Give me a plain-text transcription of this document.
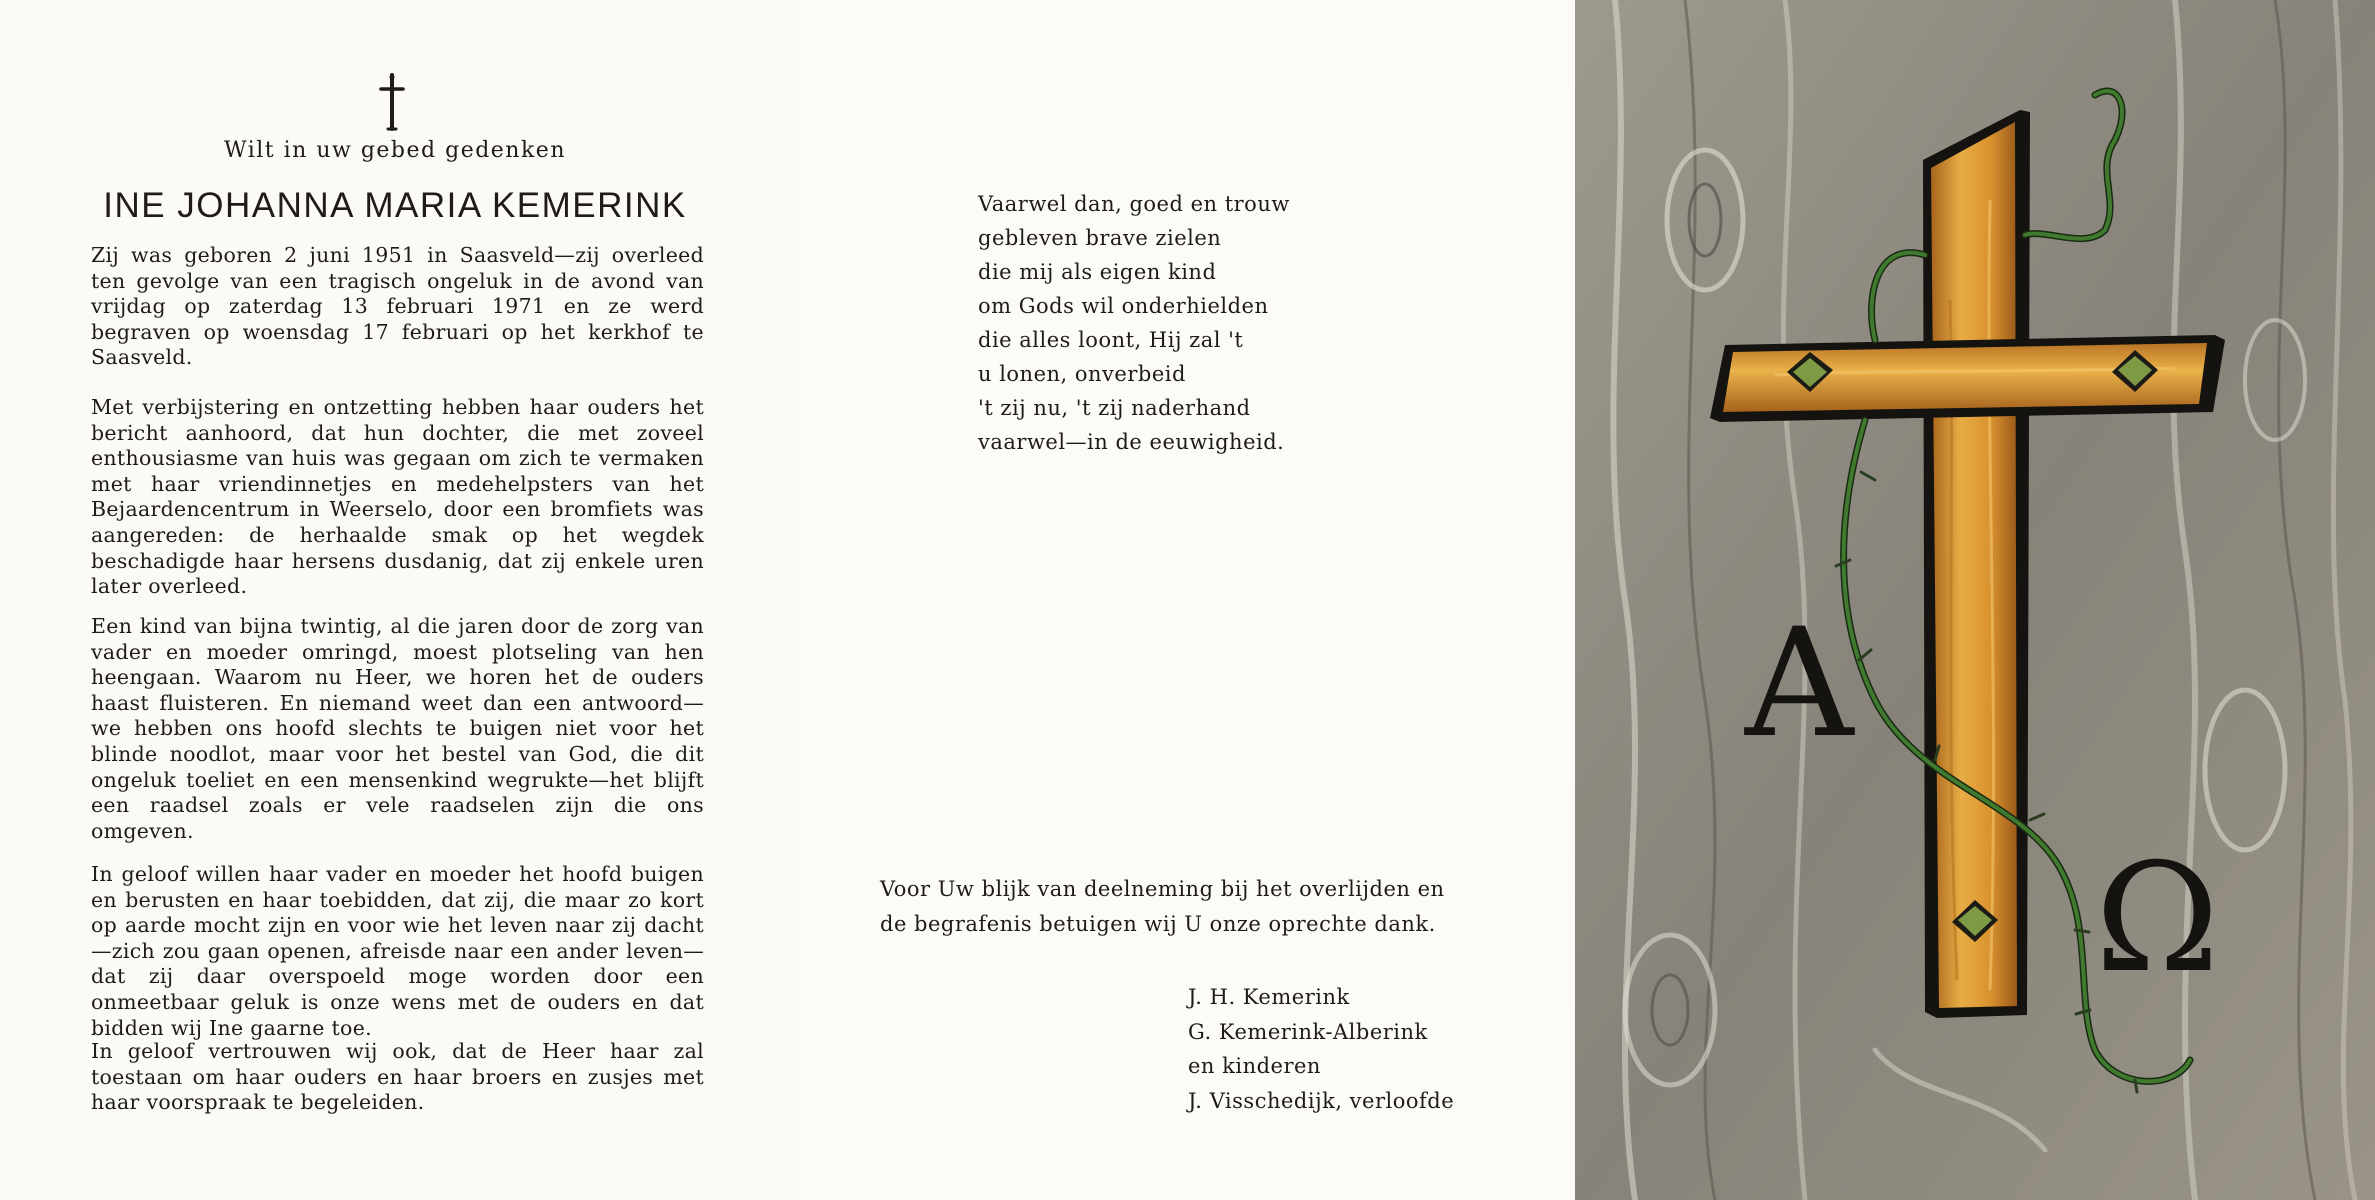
Wilt in uw gebed gedenken
INE JOHANNA MARIA KEMERINK

Zij was geboren 2 juni 1951 in Saasveld—zij overleed ten gevolge van een tragisch ongeluk in de avond van vrijdag op zaterdag 13 februari 1971 en ze werd begraven op woensdag 17 februari op het kerkhof te Saasveld.

Met verbijstering en ontzetting hebben haar ouders het bericht aanhoord, dat hun dochter, die met zoveel enthousiasme van huis was gegaan om zich te vermaken met haar vriendinnetjes en medehelpsters van het Bejaardencentrum in Weerselo, door een bromfiets was aangereden: de herhaalde smak op het wegdek beschadigde haar hersens dusdanig, dat zij enkele uren later overleed.

Een kind van bijna twintig, al die jaren door de zorg van vader en moeder omringd, moest plotseling van hen heengaan. Waarom nu Heer, we horen het de ouders haast fluisteren. En niemand weet dan een antwoord—we hebben ons hoofd slechts te buigen niet voor het blinde noodlot, maar voor het bestel van God, die dit ongeluk toeliet en een mensenkind wegrukte—het blijft een raadsel zoals er vele raadselen zijn die ons omgeven.

In geloof willen haar vader en moeder het hoofd buigen en berusten en haar toebidden, dat zij, die maar zo kort op aarde mocht zijn en voor wie het leven naar zij dacht—zich zou gaan openen, afreisde naar een ander leven—dat zij daar overspoeld moge worden door een onmeetbaar geluk is onze wens met de ouders en dat bidden wij Ine gaarne toe.

In geloof vertrouwen wij ook, dat de Heer haar zal toestaan om haar ouders en haar broers en zusjes met haar voorspraak te begeleiden.

Vaarwel dan, goed en trouw
gebleven brave zielen
die mij als eigen kind
om Gods wil onderhielden
die alles loont, Hij zal 't
u lonen, onverbeid
't zij nu, 't zij naderhand
vaarwel—in de eeuwigheid.
Voor Uw blijk van deelneming bij het overlijden en
de begrafenis betuigen wij U onze oprechte dank.
J. H. Kemerink
G. Kemerink-Alberink
en kinderen
J. Visschedijk, verloofde
Α
Ω
